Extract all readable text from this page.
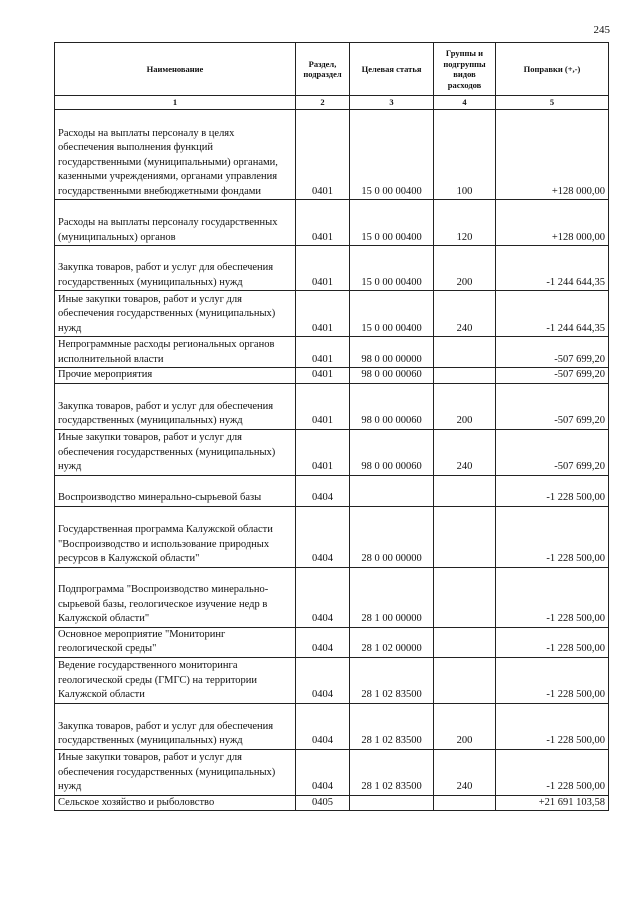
245
Наименование	Раздел, подраздел	Целевая статья	Группы и подгруппы видов расходов	Поправки (+,-)
1	2	3	4	5
Расходы на выплаты персоналу в целях обеспечения выполнения функций государственными (муниципальными) органами, казенными учреждениями, органами управления государственными внебюджетными фондами	0401	15 0 00 00400	100	+128 000,00
Расходы на выплаты персоналу государственных (муниципальных) органов	0401	15 0 00 00400	120	+128 000,00
Закупка товаров, работ и услуг для обеспечения государственных (муниципальных) нужд	0401	15 0 00 00400	200	-1 244 644,35
Иные закупки товаров, работ и услуг для обеспечения государственных (муниципальных) нужд	0401	15 0 00 00400	240	-1 244 644,35
Непрограммные расходы региональных органов исполнительной власти	0401	98 0 00 00000		-507 699,20
Прочие мероприятия	0401	98 0 00 00060		-507 699,20
Закупка товаров, работ и услуг для обеспечения государственных (муниципальных) нужд	0401	98 0 00 00060	200	-507 699,20
Иные закупки товаров, работ и услуг для обеспечения государственных (муниципальных) нужд	0401	98 0 00 00060	240	-507 699,20
Воспроизводство минерально-сырьевой базы	0404			-1 228 500,00
Государственная программа Калужской области "Воспроизводство и использование природных ресурсов в Калужской области"	0404	28 0 00 00000		-1 228 500,00
Подпрограмма "Воспроизводство минерально-сырьевой базы, геологическое изучение недр в Калужской области"	0404	28 1 00 00000		-1 228 500,00
Основное мероприятие "Мониторинг геологической среды"	0404	28 1 02 00000		-1 228 500,00
Ведение государственного мониторинга геологической среды (ГМГС) на территории Калужской области	0404	28 1 02 83500		-1 228 500,00
Закупка товаров, работ и услуг для обеспечения государственных (муниципальных) нужд	0404	28 1 02 83500	200	-1 228 500,00
Иные закупки товаров, работ и услуг для обеспечения государственных (муниципальных) нужд	0404	28 1 02 83500	240	-1 228 500,00
Сельское хозяйство и рыболовство	0405			+21 691 103,58
